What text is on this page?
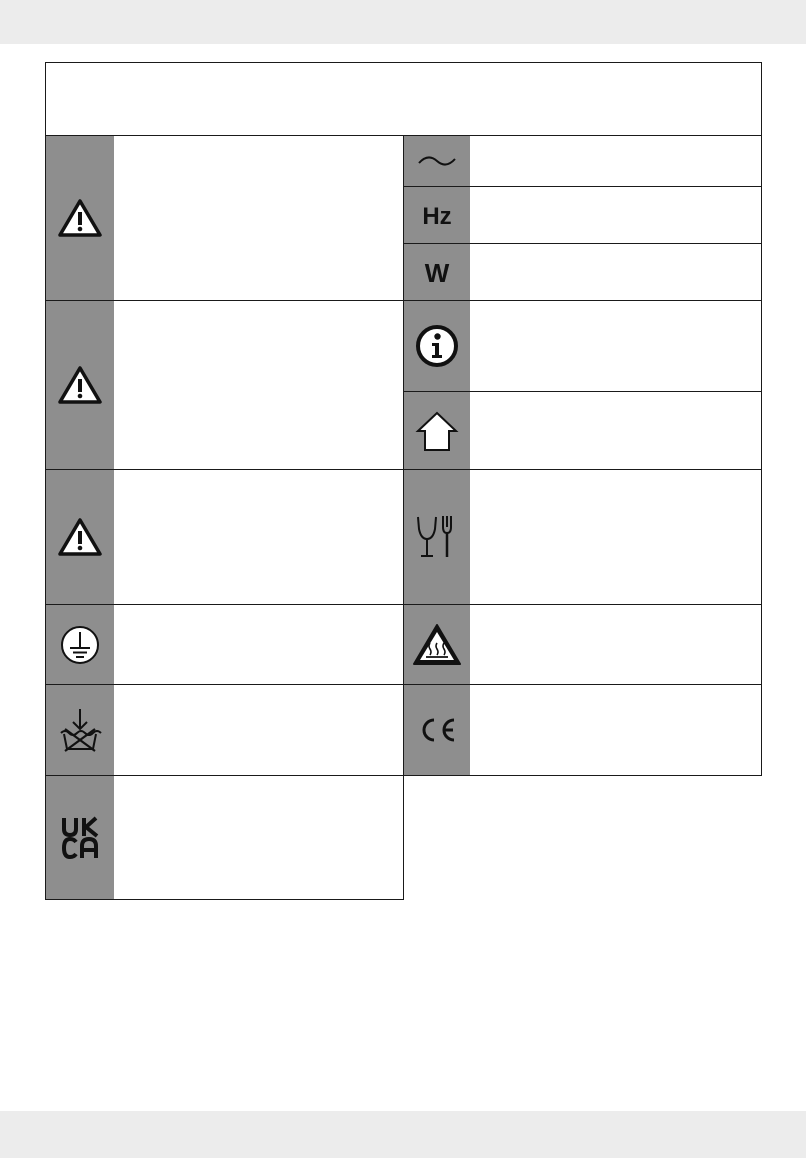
Hz
W
